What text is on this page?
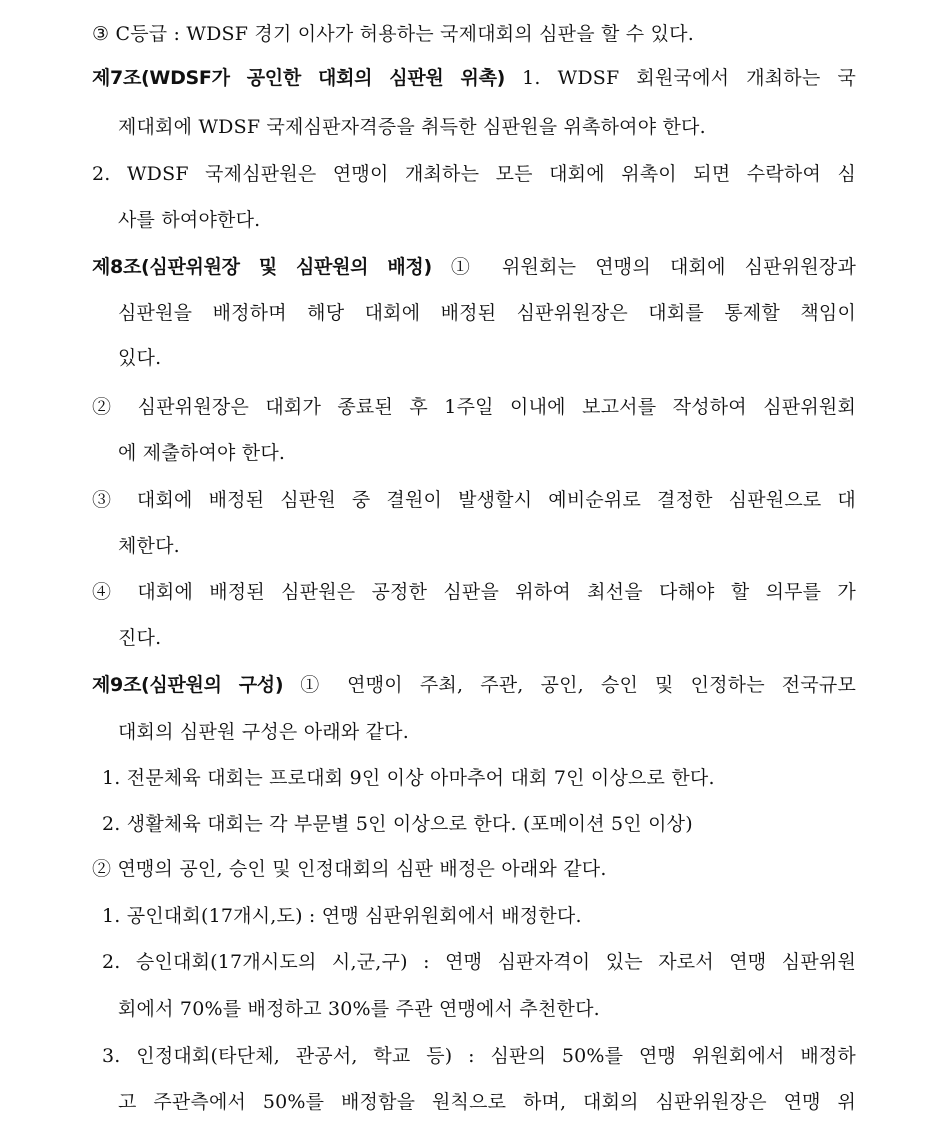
③ C등급 : WDSF 경기 이사가 허용하는 국제대회의 심판을 할 수 있다.
제7조(WDSF가 공인한 대회의 심판원 위촉) 1. WDSF 회원국에서 개최하는 국
제대회에 WDSF 국제심판자격증을 취득한 심판원을 위촉하여야 한다.
2. WDSF 국제심판원은 연맹이 개최하는 모든 대회에 위촉이 되면 수락하여 심
사를 하여야한다.
제8조(심판위원장 및 심판원의 배정) ① 위원회는 연맹의 대회에 심판위원장과
심판원을 배정하며 해당 대회에 배정된 심판위원장은 대회를 통제할 책임이
있다.
② 심판위원장은 대회가 종료된 후 1주일 이내에 보고서를 작성하여 심판위원회
에 제출하여야 한다.
③ 대회에 배정된 심판원 중 결원이 발생할시 예비순위로 결정한 심판원으로 대
체한다.
④ 대회에 배정된 심판원은 공정한 심판을 위하여 최선을 다해야 할 의무를 가
진다.
제9조(심판원의 구성) ① 연맹이 주최, 주관, 공인, 승인 및 인정하는 전국규모
대회의 심판원 구성은 아래와 같다.
1. 전문체육 대회는 프로대회 9인 이상 아마추어 대회 7인 이상으로 한다.
2. 생활체육 대회는 각 부문별 5인 이상으로 한다. (포메이션 5인 이상)
② 연맹의 공인, 승인 및 인정대회의 심판 배정은 아래와 같다.
1. 공인대회(17개시,도) : 연맹 심판위원회에서 배정한다.
2. 승인대회(17개시도의 시,군,구) : 연맹 심판자격이 있는 자로서 연맹 심판위원
회에서 70%를 배정하고 30%를 주관 연맹에서 추천한다.
3. 인정대회(타단체, 관공서, 학교 등) : 심판의 50%를 연맹 위원회에서 배정하
고 주관측에서 50%를 배정함을 원칙으로 하며, 대회의 심판위원장은 연맹 위
